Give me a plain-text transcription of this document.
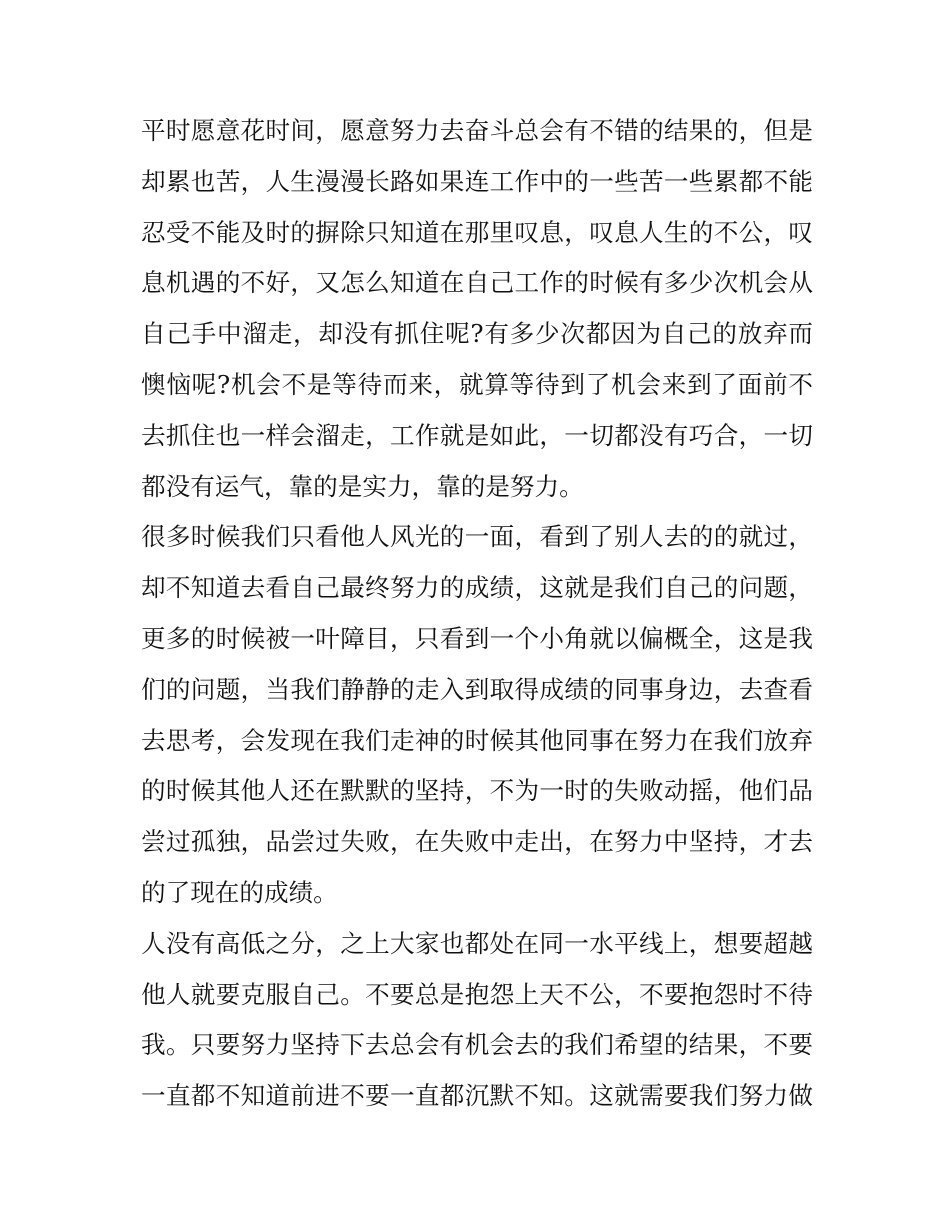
平时愿意花时间，愿意努力去奋斗总会有不错的结果的，但是
却累也苦，人生漫漫长路如果连工作中的一些苦一些累都不能
忍受不能及时的摒除只知道在那里叹息，叹息人生的不公，叹
息机遇的不好，又怎么知道在自己工作的时候有多少次机会从
自己手中溜走，却没有抓住呢?有多少次都因为自己的放弃而
懊恼呢?机会不是等待而来，就算等待到了机会来到了面前不
去抓住也一样会溜走，工作就是如此，一切都没有巧合，一切
都没有运气，靠的是实力，靠的是努力。
很多时候我们只看他人风光的一面，看到了别人去的的就过，
却不知道去看自己最终努力的成绩，这就是我们自己的问题，
更多的时候被一叶障目，只看到一个小角就以偏概全，这是我
们的问题，当我们静静的走入到取得成绩的同事身边，去查看
去思考，会发现在我们走神的时候其他同事在努力在我们放弃
的时候其他人还在默默的坚持，不为一时的失败动摇，他们品
尝过孤独，品尝过失败，在失败中走出，在努力中坚持，才去
的了现在的成绩。
人没有高低之分，之上大家也都处在同一水平线上，想要超越
他人就要克服自己。不要总是抱怨上天不公，不要抱怨时不待
我。只要努力坚持下去总会有机会去的我们希望的结果，不要
一直都不知道前进不要一直都沉默不知。这就需要我们努力做
